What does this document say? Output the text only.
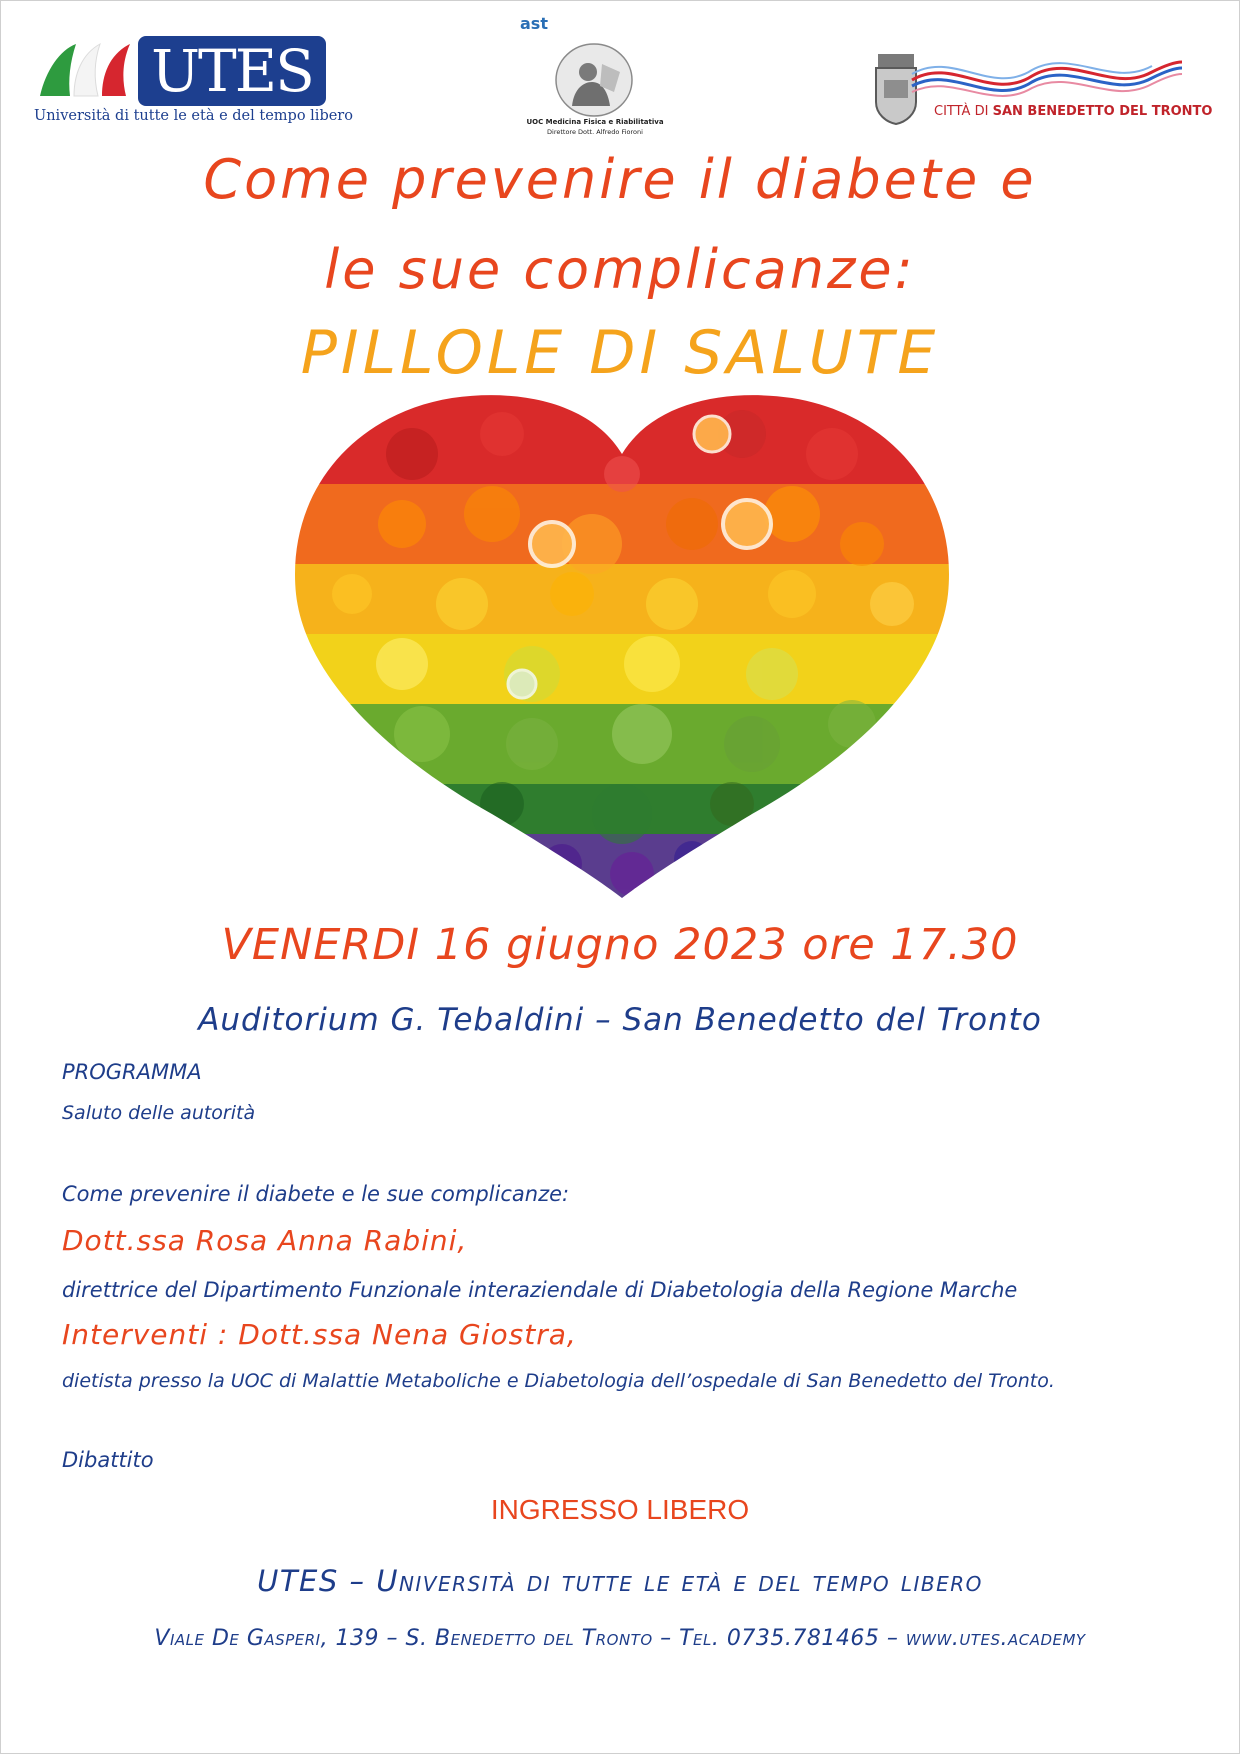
UTES
Università di tutte le età e del tempo libero
ast
UOC Medicina Fisica e Riabilitativa
Direttore Dott. Alfredo Fioroni
CITTÀ DI SAN BENEDETTO DEL TRONTO
Come prevenire il diabete e
le sue complicanze:
PILLOLE DI SALUTE
VENERDI 16 giugno 2023 ore 17.30
Auditorium G. Tebaldini – San Benedetto del Tronto
PROGRAMMA
Saluto delle autorità
Come prevenire il diabete e le sue complicanze:
Dott.ssa Rosa Anna Rabini,
direttrice del Dipartimento Funzionale interaziendale di Diabetologia della Regione Marche
Interventi : Dott.ssa Nena Giostra,
dietista presso la UOC di Malattie Metaboliche e Diabetologia dell’ospedale di San Benedetto del Tronto.
Dibattito
INGRESSO LIBERO
UTES – Università di tutte le età e del tempo libero
Viale De Gasperi, 139 – S. Benedetto del Tronto – Tel. 0735.781465 – www.utes.academy
